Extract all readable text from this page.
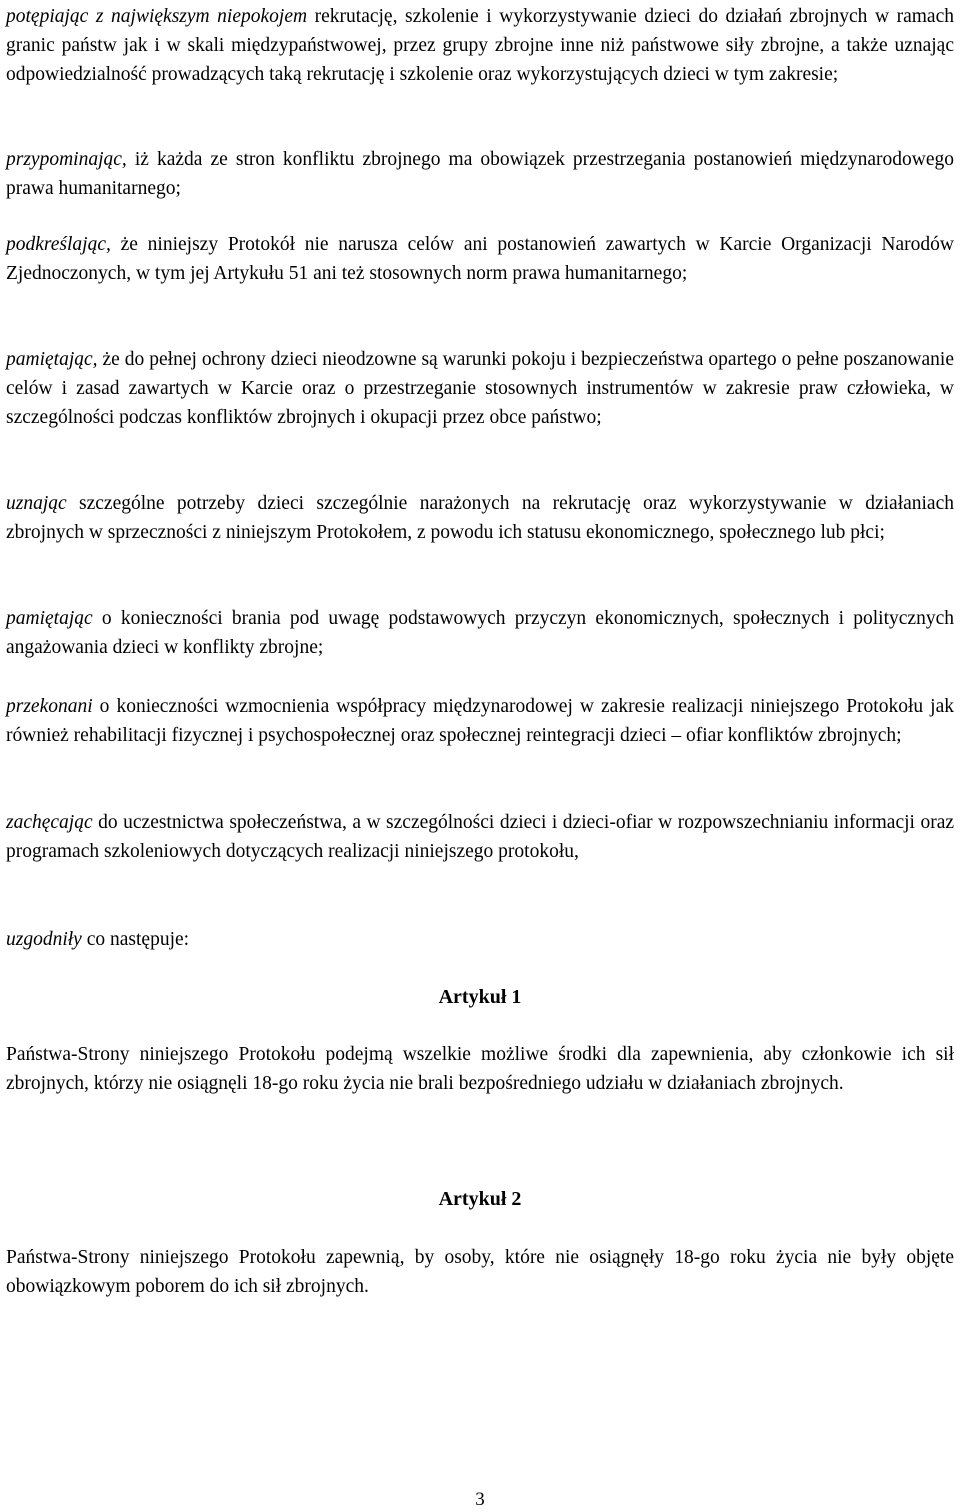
potępiając z największym niepokojem rekrutację, szkolenie i wykorzystywanie dzieci do działań zbrojnych w ramach granic państw jak i w skali międzypaństwowej, przez grupy zbrojne inne niż państwowe siły zbrojne, a także uznając odpowiedzialność prowadzących taką rekrutację i szkolenie oraz wykorzystujących dzieci w tym zakresie;

przypominając, iż każda ze stron konfliktu zbrojnego ma obowiązek przestrzegania postanowień międzynarodowego prawa humanitarnego;

podkreślając, że niniejszy Protokół nie narusza celów ani postanowień zawartych w Karcie Organizacji Narodów Zjednoczonych, w tym jej Artykułu 51 ani też stosownych norm prawa humanitarnego;

pamiętając, że do pełnej ochrony dzieci nieodzowne są warunki pokoju i bezpieczeństwa opartego o pełne poszanowanie celów i zasad zawartych w Karcie oraz o przestrzeganie stosownych instrumentów w zakresie praw człowieka, w szczególności podczas konfliktów zbrojnych i okupacji przez obce państwo;

uznając szczególne potrzeby dzieci szczególnie narażonych na rekrutację oraz wykorzystywanie w działaniach zbrojnych w sprzeczności z niniejszym Protokołem, z powodu ich statusu ekonomicznego, społecznego lub płci;

pamiętając o konieczności brania pod uwagę podstawowych przyczyn ekonomicznych, społecznych i politycznych angażowania dzieci w konflikty zbrojne;

przekonani o konieczności wzmocnienia współpracy międzynarodowej w zakresie realizacji niniejszego Protokołu jak również rehabilitacji fizycznej i psychospołecznej oraz społecznej reintegracji dzieci – ofiar konfliktów zbrojnych;

zachęcając do uczestnictwa społeczeństwa, a w szczególności dzieci i dzieci-ofiar w rozpowszechnianiu informacji oraz programach szkoleniowych dotyczących realizacji niniejszego protokołu,

uzgodniły co następuje:

Artykuł 1

Państwa-Strony niniejszego Protokołu podejmą wszelkie możliwe środki dla zapewnienia, aby członkowie ich sił zbrojnych, którzy nie osiągnęli 18-go roku życia nie brali bezpośredniego udziału w działaniach zbrojnych.

Artykuł 2

Państwa-Strony niniejszego Protokołu zapewnią, by osoby, które nie osiągnęły 18-go roku życia nie były objęte obowiązkowym poborem do ich sił zbrojnych.

3
